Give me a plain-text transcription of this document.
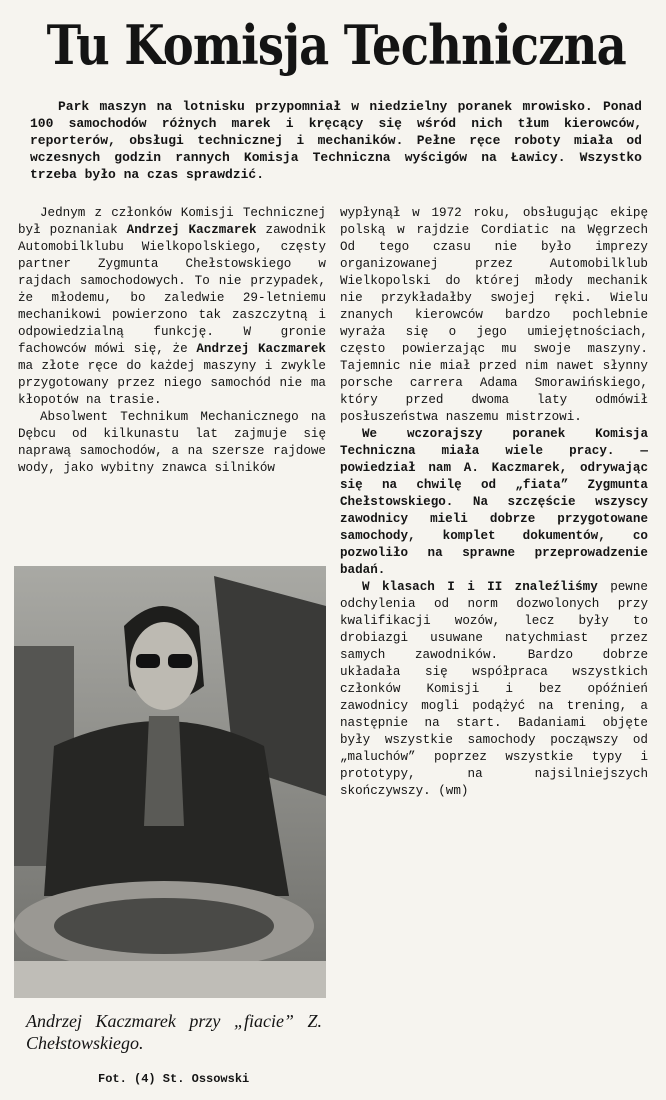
Tu Komisja Techniczna

Park maszyn na lotnisku przypomniał w niedzielny poranek mrowisko. Ponad 100 samochodów różnych marek i kręcący się wśród nich tłum kierowców, reporterów, obsługi technicznej i mechaników. Pełne ręce roboty miała od wczesnych godzin rannych Komisja Techniczna wyścigów na Ławicy. Wszystko trzeba było na czas sprawdzić.

Jednym z członków Komisji Technicznej był poznaniak Andrzej Kaczmarek zawodnik Automobilklubu Wielkopolskiego, częsty partner Zygmunta Chełstowskiego w rajdach samochodowych. To nie przypadek, że młodemu, bo zaledwie 29-letniemu mechanikowi powierzono tak zaszczytną i odpowiedzialną funkcję. W gronie fachowców mówi się, że Andrzej Kaczmarek ma złote ręce do każdej maszyny i zwykle przygotowany przez niego samochód nie ma kłopotów na trasie.

Absolwent Technikum Mechanicznego na Dębcu od kilkunastu lat zajmuje się naprawą samochodów, a na szersze rajdowe wody, jako wybitny znawca silników

Andrzej Kaczmarek przy „fiacie” Z. Chełstowskiego.

Fot. (4) St. Ossowski

wypłynął w 1972 roku, obsługując ekipę polską w rajdzie Cordiatic na Węgrzech Od tego czasu nie było imprezy organizowanej przez Automobilklub Wielkopolski do której młody mechanik nie przykładałby swojej ręki. Wielu znanych kierowców bardzo pochlebnie wyraża się o jego umiejętnościach, często powierzając mu swoje maszyny. Tajemnic nie miał przed nim nawet słynny porsche carrera Adama Smorawińskiego, który przed dwoma laty odmówił posłuszeństwa naszemu mistrzowi.

We wczorajszy poranek Komisja Techniczna miała wiele pracy. — powiedział nam A. Kaczmarek, odrywając się na chwilę od „fiata” Zygmunta Chełstowskiego. Na szczęście wszyscy zawodnicy mieli dobrze przygotowane samochody, komplet dokumentów, co pozwoliło na sprawne przeprowadzenie badań.

W klasach I i II znaleźliśmy pewne odchylenia od norm dozwolonych przy kwalifikacji wozów, lecz były to drobiazgi usuwane natychmiast przez samych zawodników. Bardzo dobrze układała się współpraca wszystkich członków Komisji i bez opóźnień zawodnicy mogli podążyć na trening, a następnie na start. Badaniami objęte były wszystkie samochody począwszy od „maluchów” poprzez wszystkie typy i prototypy, na najsilniejszych skończywszy. (wm)
